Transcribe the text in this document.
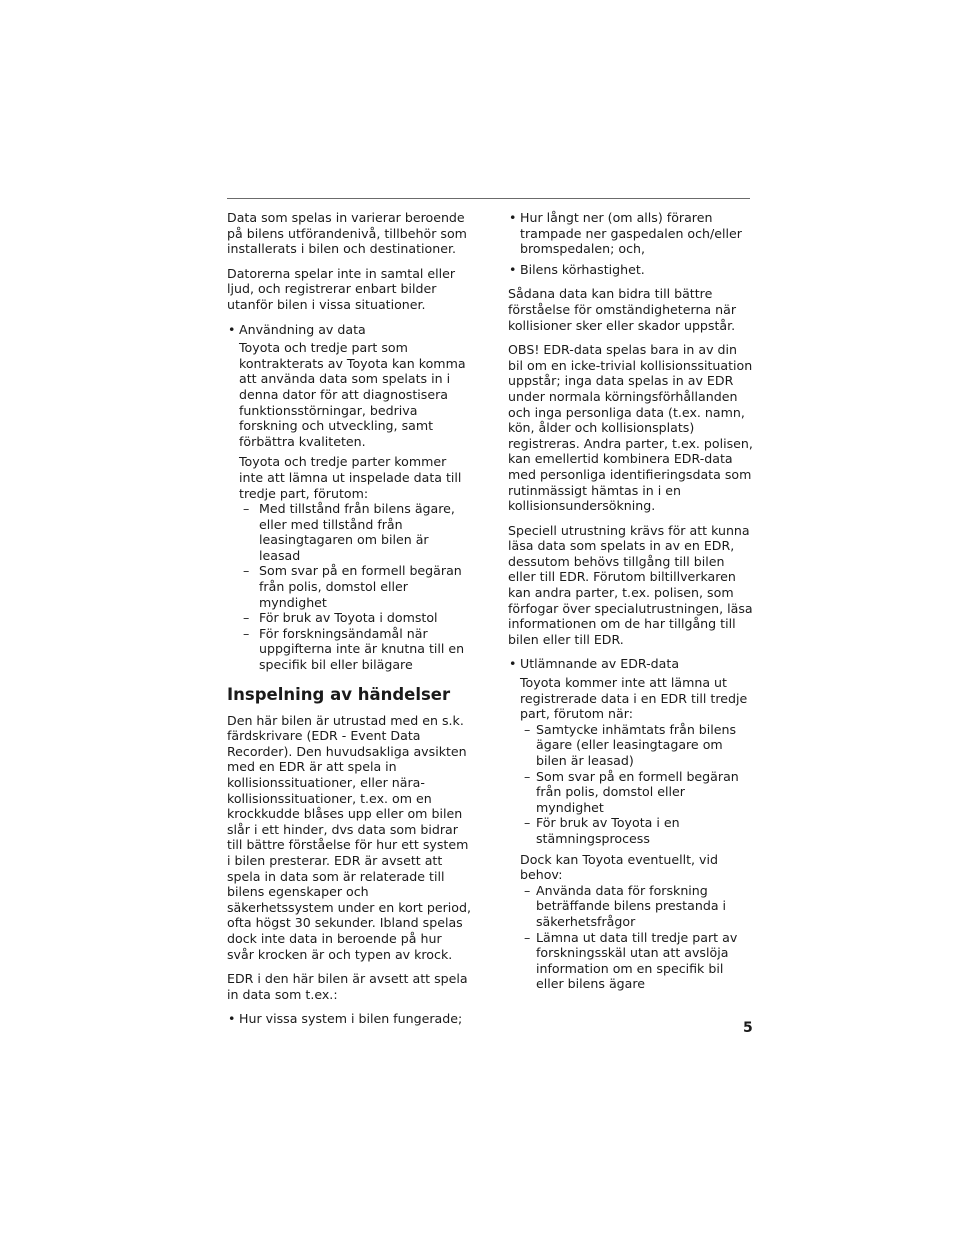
Data som spelas in varierar beroende på bilens utförandenivå, tillbehör som installerats i bilen och destinationer.

Datorerna spelar inte in samtal eller ljud, och registrerar enbart bilder utanför bilen i vissa situationer.

• Användning av data

Toyota och tredje part som kontrakterats av Toyota kan komma att använda data som spelats in i denna dator för att diagnostisera funktionsstörningar, bedriva forskning och utveckling, samt förbättra kvaliteten.

Toyota och tredje parter kommer inte att lämna ut inspelade data till tredje part, förutom:

– Med tillstånd från bilens ägare, eller med tillstånd från leasingtagaren om bilen är leasad
– Som svar på en formell begäran från polis, domstol eller myndighet
– För bruk av Toyota i domstol
– För forskningsändamål när uppgifterna inte är knutna till en specifik bil eller bilägare
Inspelning av händelser

Den här bilen är utrustad med en s.k. färdskrivare (EDR - Event Data Recorder). Den huvudsakliga avsikten med en EDR är att spela in kollisionssituationer, eller nära-kollisionssituationer, t.ex. om en krockkudde blåses upp eller om bilen slår i ett hinder, dvs data som bidrar till bättre förståelse för hur ett system i bilen presterar. EDR är avsett att spela in data som är relaterade till bilens egenskaper och säkerhetssystem under en kort period, ofta högst 30 sekunder. Ibland spelas dock inte data in beroende på hur svår krocken är och typen av krock.

EDR i den här bilen är avsett att spela in data som t.ex.:

• Hur vissa system i bilen fungerade;
• Hur långt ner (om alls) föraren trampade ner gaspedalen och/eller bromspedalen; och,
• Bilens körhastighet.

Sådana data kan bidra till bättre förståelse för omständigheterna när kollisioner sker eller skador uppstår.

OBS! EDR-data spelas bara in av din bil om en icke-trivial kollisionssituation uppstår; inga data spelas in av EDR under normala körningsförhållanden och inga personliga data (t.ex. namn, kön, ålder och kollisionsplats) registreras. Andra parter, t.ex. polisen, kan emellertid kombinera EDR-data med personliga identifieringsdata som rutinmässigt hämtas in i en kollisionsundersökning.

Speciell utrustning krävs för att kunna läsa data som spelats in av en EDR, dessutom behövs tillgång till bilen eller till EDR. Förutom biltillverkaren kan andra parter, t.ex. polisen, som förfogar över specialutrustningen, läsa informationen om de har tillgång till bilen eller till EDR.

• Utlämnande av EDR-data

Toyota kommer inte att lämna ut registrerade data i en EDR till tredje part, förutom när:

– Samtycke inhämtats från bilens ägare (eller leasingtagare om bilen är leasad)
– Som svar på en formell begäran från polis, domstol eller myndighet
– För bruk av Toyota i en stämningsprocess

Dock kan Toyota eventuellt, vid behov:

– Använda data för forskning beträffande bilens prestanda i säkerhetsfrågor
– Lämna ut data till tredje part av forskningsskäl utan att avslöja information om en specifik bil eller bilens ägare
5
